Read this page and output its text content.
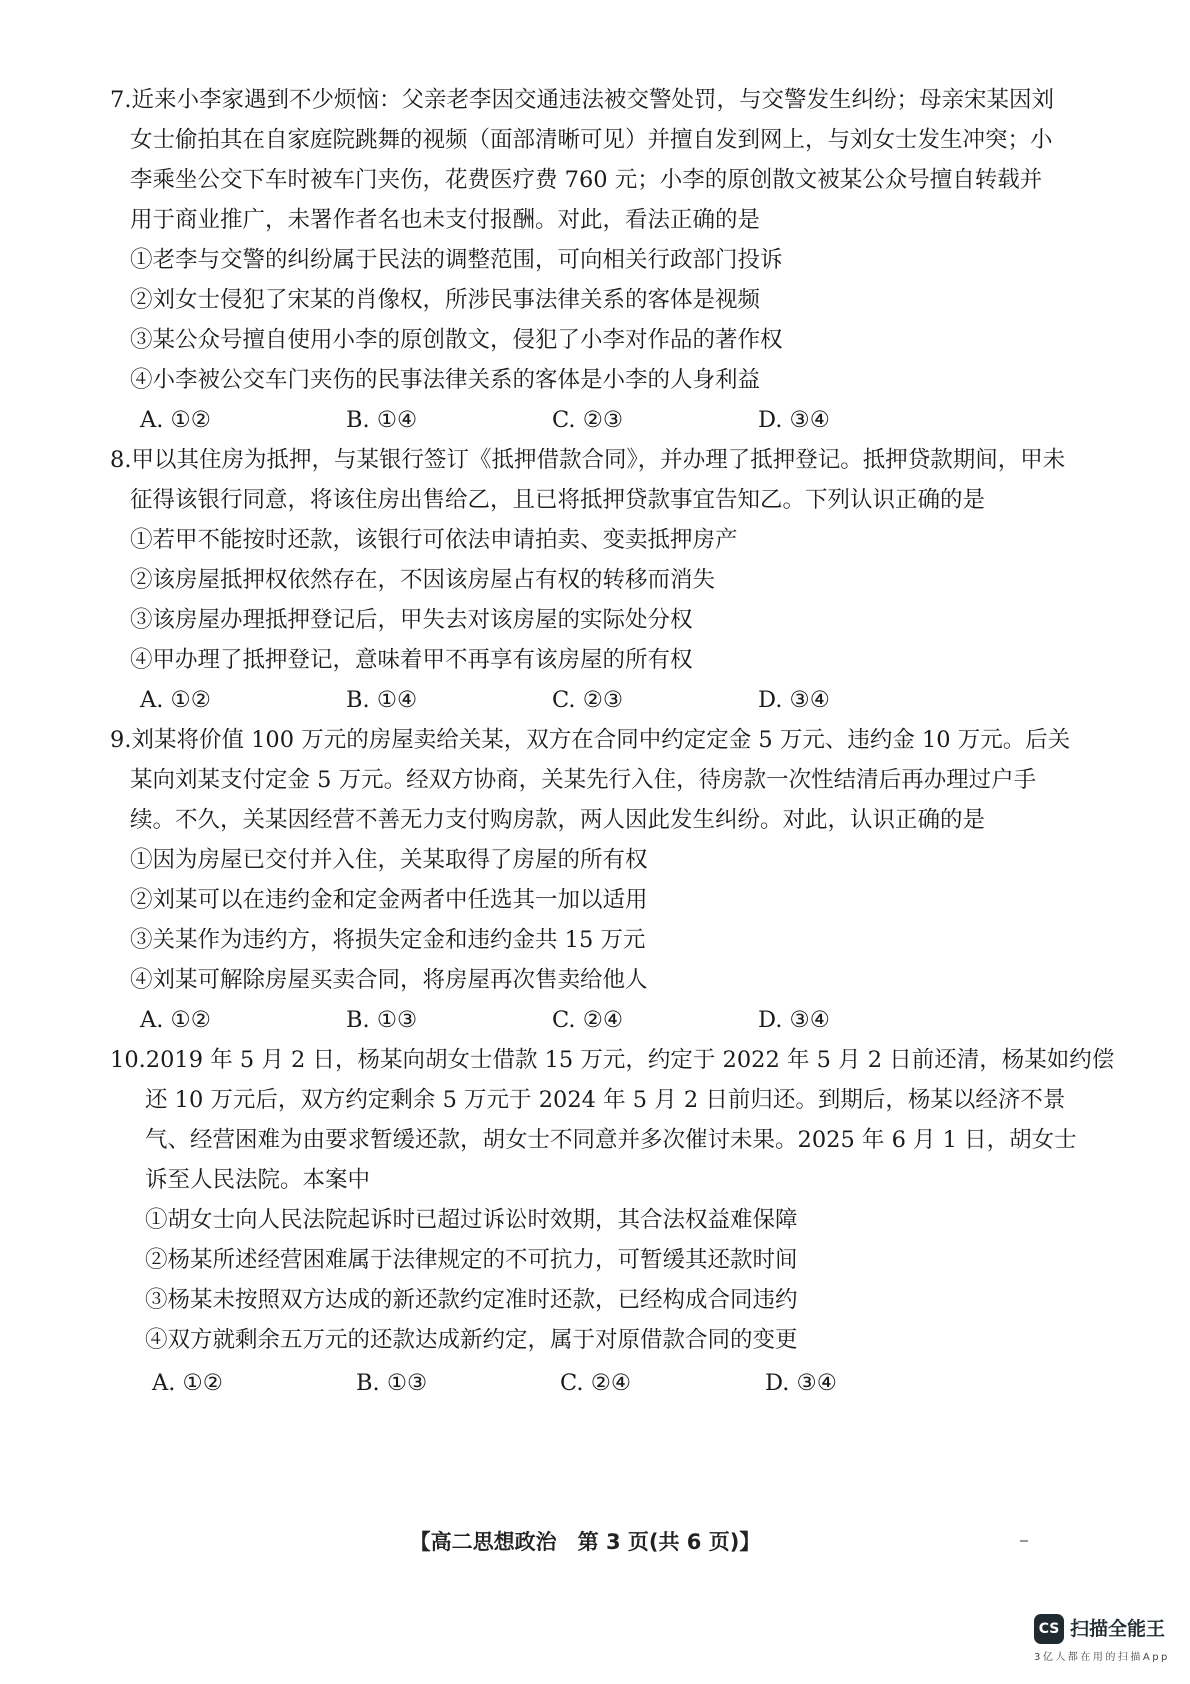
7.近来小李家遇到不少烦恼：父亲老李因交通违法被交警处罚，与交警发生纠纷；母亲宋某因刘
女士偷拍其在自家庭院跳舞的视频（面部清晰可见）并擅自发到网上，与刘女士发生冲突；小
李乘坐公交下车时被车门夹伤，花费医疗费 760 元；小李的原创散文被某公众号擅自转载并
用于商业推广，未署作者名也未支付报酬。对此，看法正确的是
①老李与交警的纠纷属于民法的调整范围，可向相关行政部门投诉
②刘女士侵犯了宋某的肖像权，所涉民事法律关系的客体是视频
③某公众号擅自使用小李的原创散文，侵犯了小李对作品的著作权
④小李被公交车门夹伤的民事法律关系的客体是小李的人身利益
A. ①②	B. ①④	C. ②③	D. ③④
8.甲以其住房为抵押，与某银行签订《抵押借款合同》，并办理了抵押登记。抵押贷款期间，甲未
征得该银行同意，将该住房出售给乙，且已将抵押贷款事宜告知乙。下列认识正确的是
①若甲不能按时还款，该银行可依法申请拍卖、变卖抵押房产
②该房屋抵押权依然存在，不因该房屋占有权的转移而消失
③该房屋办理抵押登记后，甲失去对该房屋的实际处分权
④甲办理了抵押登记，意味着甲不再享有该房屋的所有权
A. ①②	B. ①④	C. ②③	D. ③④
9.刘某将价值 100 万元的房屋卖给关某，双方在合同中约定定金 5 万元、违约金 10 万元。后关
某向刘某支付定金 5 万元。经双方协商，关某先行入住，待房款一次性结清后再办理过户手
续。不久，关某因经营不善无力支付购房款，两人因此发生纠纷。对此，认识正确的是
①因为房屋已交付并入住，关某取得了房屋的所有权
②刘某可以在违约金和定金两者中任选其一加以适用
③关某作为违约方，将损失定金和违约金共 15 万元
④刘某可解除房屋买卖合同，将房屋再次售卖给他人
A. ①②	B. ①③	C. ②④	D. ③④
10.2019 年 5 月 2 日，杨某向胡女士借款 15 万元，约定于 2022 年 5 月 2 日前还清，杨某如约偿
还 10 万元后，双方约定剩余 5 万元于 2024 年 5 月 2 日前归还。到期后，杨某以经济不景
气、经营困难为由要求暂缓还款，胡女士不同意并多次催讨未果。2025 年 6 月 1 日，胡女士
诉至人民法院。本案中
①胡女士向人民法院起诉时已超过诉讼时效期，其合法权益难保障
②杨某所述经营困难属于法律规定的不可抗力，可暂缓其还款时间
③杨某未按照双方达成的新还款约定准时还款，已经构成合同违约
④双方就剩余五万元的还款达成新约定，属于对原借款合同的变更
A. ①②	B. ①③	C. ②④	D. ③④
【高二思想政治　第 3 页(共 6 页)】
CS 扫描全能王
3亿人都在用的扫描App
